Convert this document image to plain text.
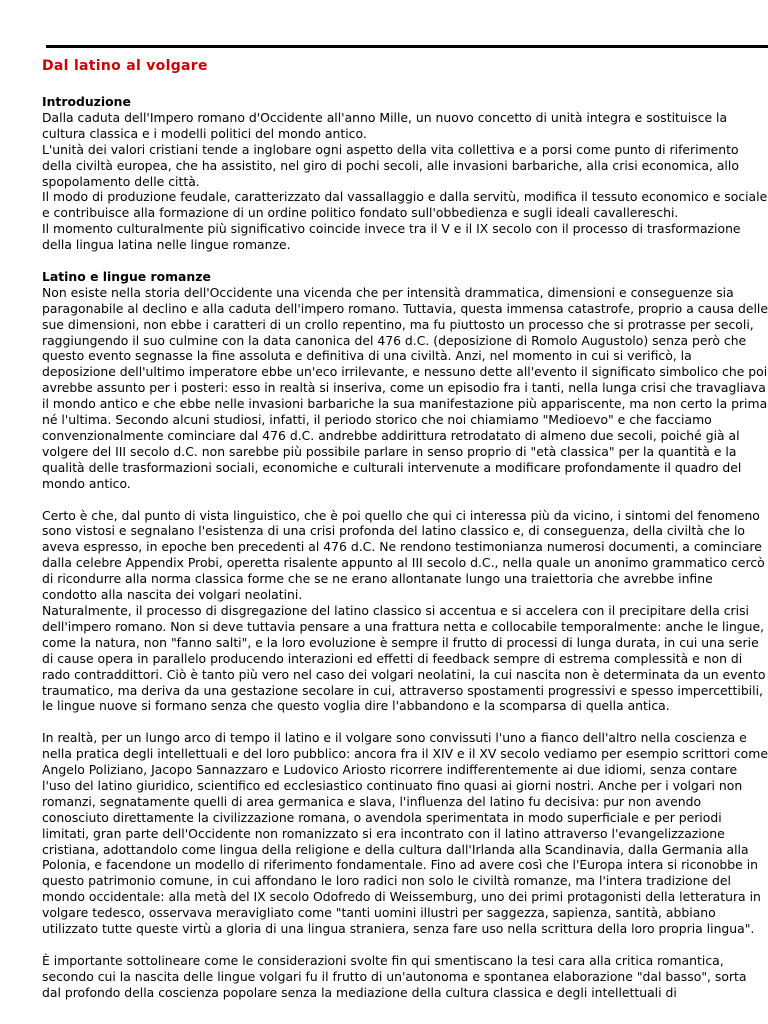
Dal latino al volgare

Introduzione

Dalla caduta dell'Impero romano d'Occidente all'anno Mille, un nuovo concetto di unità integra e sostituisce la cultura classica e i modelli politici del mondo antico.

L'unità dei valori cristiani tende a inglobare ogni aspetto della vita collettiva e a porsi come punto di riferimento della civiltà europea, che ha assistito, nel giro di pochi secoli, alle invasioni barbariche, alla crisi economica, allo spopolamento delle città.

Il modo di produzione feudale, caratterizzato dal vassallaggio e dalla servitù, modifica il tessuto economico e sociale e contribuisce alla formazione di un ordine politico fondato sull'obbedienza e sugli ideali cavallereschi.

Il momento culturalmente più significativo coincide invece tra il V e il IX secolo con il processo di trasformazione della lingua latina nelle lingue romanze.

Latino e lingue romanze

Non esiste nella storia dell'Occidente una vicenda che per intensità drammatica, dimensioni e conseguenze sia paragonabile al declino e alla caduta dell'impero romano. Tuttavia, questa immensa catastrofe, proprio a causa delle sue dimensioni, non ebbe i caratteri di un crollo repentino, ma fu piuttosto un processo che si protrasse per secoli, raggiungendo il suo culmine con la data canonica del 476 d.C. (deposizione di Romolo Augustolo) senza però che questo evento segnasse la fine assoluta e definitiva di una civiltà. Anzi, nel momento in cui si verificò, la deposizione dell'ultimo imperatore ebbe un'eco irrilevante, e nessuno dette all'evento il significato simbolico che poi avrebbe assunto per i posteri: esso in realtà si inseriva, come un episodio fra i tanti, nella lunga crisi che travagliava il mondo antico e che ebbe nelle invasioni barbariche la sua manifestazione più appariscente, ma non certo la prima né l'ultima. Secondo alcuni studiosi, infatti, il periodo storico che noi chiamiamo "Medioevo" e che facciamo convenzionalmente cominciare dal 476 d.C. andrebbe addirittura retrodatato di almeno due secoli, poiché già al volgere del III secolo d.C. non sarebbe più possibile parlare in senso proprio di "età classica" per la quantità e la qualità delle trasformazioni sociali, economiche e culturali intervenute a modificare profondamente il quadro del mondo antico.

Certo è che, dal punto di vista linguistico, che è poi quello che qui ci interessa più da vicino, i sintomi del fenomeno sono vistosi e segnalano l'esistenza di una crisi profonda del latino classico e, di conseguenza, della civiltà che lo aveva espresso, in epoche ben precedenti al 476 d.C. Ne rendono testimonianza numerosi documenti, a cominciare dalla celebre Appendix Probi, operetta risalente appunto al III secolo d.C., nella quale un anonimo grammatico cercò di ricondurre alla norma classica forme che se ne erano allontanate lungo una traiettoria che avrebbe infine condotto alla nascita dei volgari neolatini.

Naturalmente, il processo di disgregazione del latino classico si accentua e si accelera con il precipitare della crisi dell'impero romano. Non si deve tuttavia pensare a una frattura netta e collocabile temporalmente: anche le lingue, come la natura, non "fanno salti", e la loro evoluzione è sempre il frutto di processi di lunga durata, in cui una serie di cause opera in parallelo producendo interazioni ed effetti di feedback sempre di estrema complessità e non di rado contraddittori. Ciò è tanto più vero nel caso dei volgari neolatini, la cui nascita non è determinata da un evento traumatico, ma deriva da una gestazione secolare in cui, attraverso spostamenti progressivi e spesso impercettibili, le lingue nuove si formano senza che questo voglia dire l'abbandono e la scomparsa di quella antica.

In realtà, per un lungo arco di tempo il latino e il volgare sono convissuti l'uno a fianco dell'altro nella coscienza e nella pratica degli intellettuali e del loro pubblico: ancora fra il XIV e il XV secolo vediamo per esempio scrittori come Angelo Poliziano, Jacopo Sannazzaro e Ludovico Ariosto ricorrere indifferentemente ai due idiomi, senza contare l'uso del latino giuridico, scientifico ed ecclesiastico continuato fino quasi ai giorni nostri. Anche per i volgari non romanzi, segnatamente quelli di area germanica e slava, l'influenza del latino fu decisiva: pur non avendo conosciuto direttamente la civilizzazione romana, o avendola sperimentata in modo superficiale e per periodi limitati, gran parte dell'Occidente non romanizzato si era incontrato con il latino attraverso l'evangelizzazione cristiana, adottandolo come lingua della religione e della cultura dall'Irlanda alla Scandinavia, dalla Germania alla Polonia, e facendone un modello di riferimento fondamentale. Fino ad avere così che l'Europa intera si riconobbe in questo patrimonio comune, in cui affondano le loro radici non solo le civiltà romanze, ma l'intera tradizione del mondo occidentale: alla metà del IX secolo Odofredo di Weissemburg, uno dei primi protagonisti della letteratura in volgare tedesco, osservava meravigliato come "tanti uomini illustri per saggezza, sapienza, santità, abbiano utilizzato tutte queste virtù a gloria di una lingua straniera, senza fare uso nella scrittura della loro propria lingua".

È importante sottolineare come le considerazioni svolte fin qui smentiscano la tesi cara alla critica romantica, secondo cui la nascita delle lingue volgari fu il frutto di un'autonoma e spontanea elaborazione "dal basso", sorta dal profondo della coscienza popolare senza la mediazione della cultura classica e degli intellettuali di
